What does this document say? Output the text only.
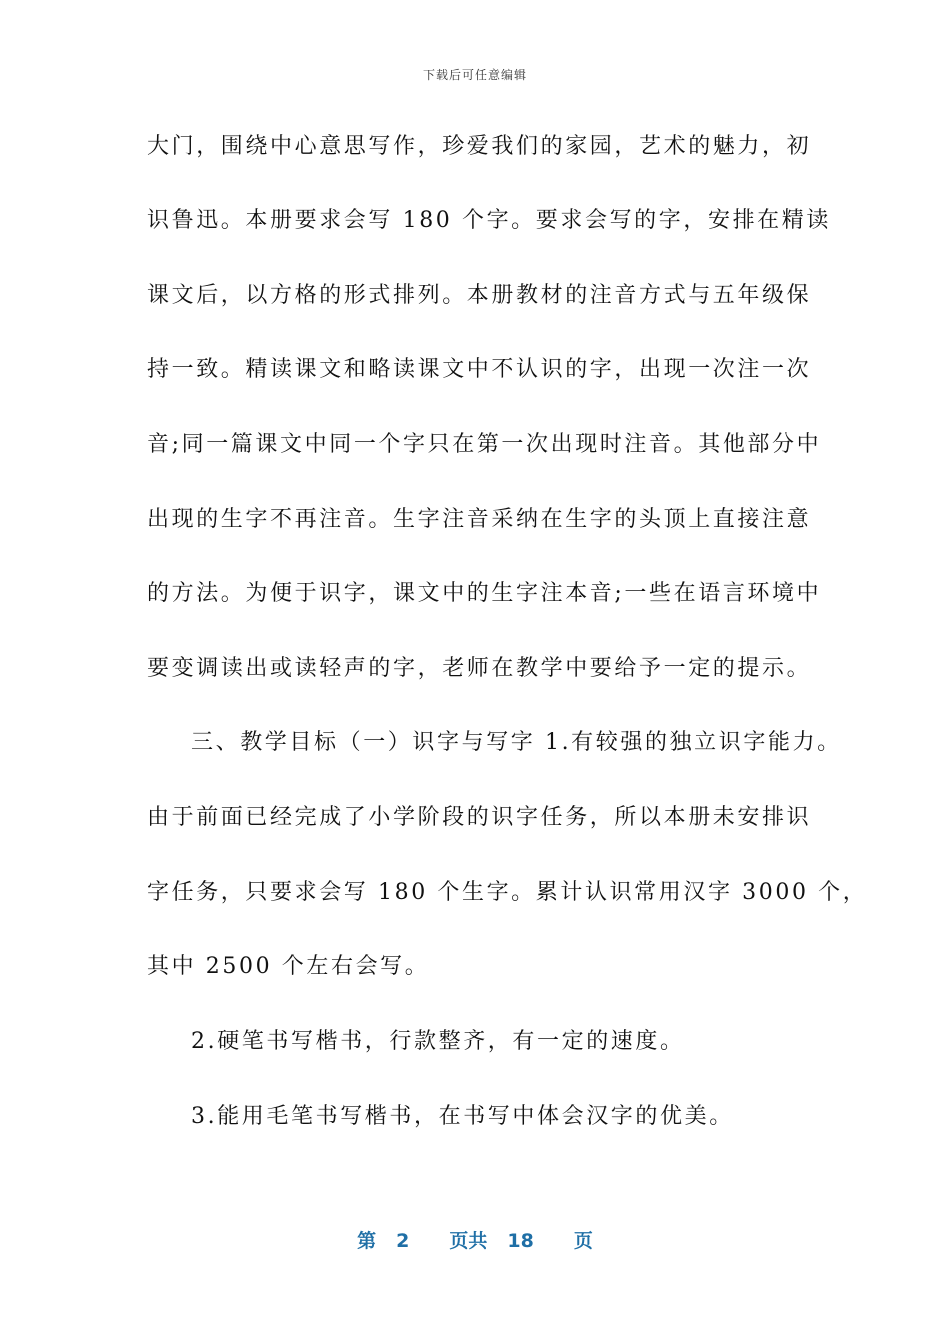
下载后可任意编辑
大门，围绕中心意思写作，珍爱我们的家园，艺术的魅力，初
识鲁迅。本册要求会写 180 个字。要求会写的字，安排在精读
课文后，以方格的形式排列。本册教材的注音方式与五年级保
持一致。精读课文和略读课文中不认识的字，出现一次注一次
音;同一篇课文中同一个字只在第一次出现时注音。其他部分中
出现的生字不再注音。生字注音采纳在生字的头顶上直接注意
的方法。为便于识字，课文中的生字注本音;一些在语言环境中
要变调读出或读轻声的字，老师在教学中要给予一定的提示。
三、教学目标（一）识字与写字 1.有较强的独立识字能力。
由于前面已经完成了小学阶段的识字任务，所以本册未安排识
字任务，只要求会写 180 个生字。累计认识常用汉字 3000 个，
其中 2500 个左右会写。
2.硬笔书写楷书，行款整齐，有一定的速度。
3.能用毛笔书写楷书，在书写中体会汉字的优美。
第 2 页共 18 页
